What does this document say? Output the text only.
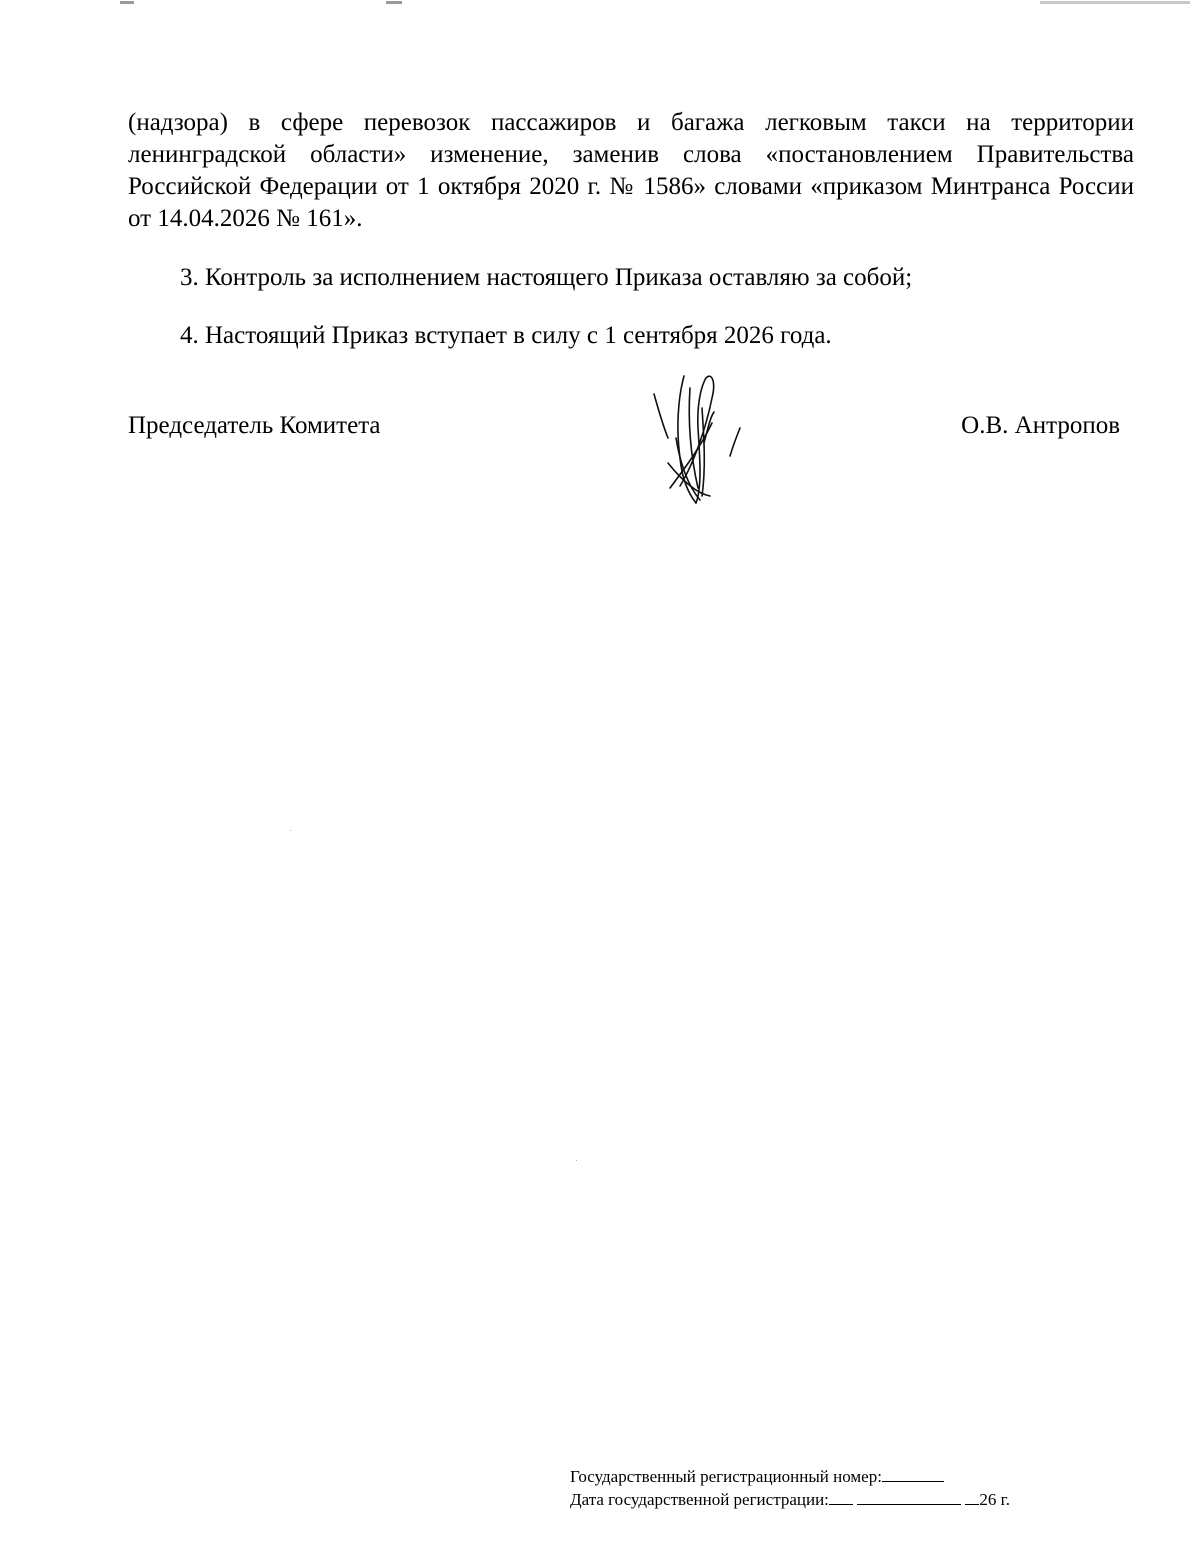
(надзора) в сфере перевозок пассажиров и багажа легковым такси на территории ленинградской области» изменение, заменив слова «постановлением Правительства Российской Федерации от 1 октября 2020 г. № 1586» словами «приказом Минтранса России от 14.04.2026 № 161».
3. Контроль за исполнением настоящего Приказа оставляю за собой;
4. Настоящий Приказ вступает в силу с 1 сентября 2026 года.
Председатель Комитета	О.В. Антропов
Государственный регистрационный номер:
Дата государственной регистрации:	26 г.
